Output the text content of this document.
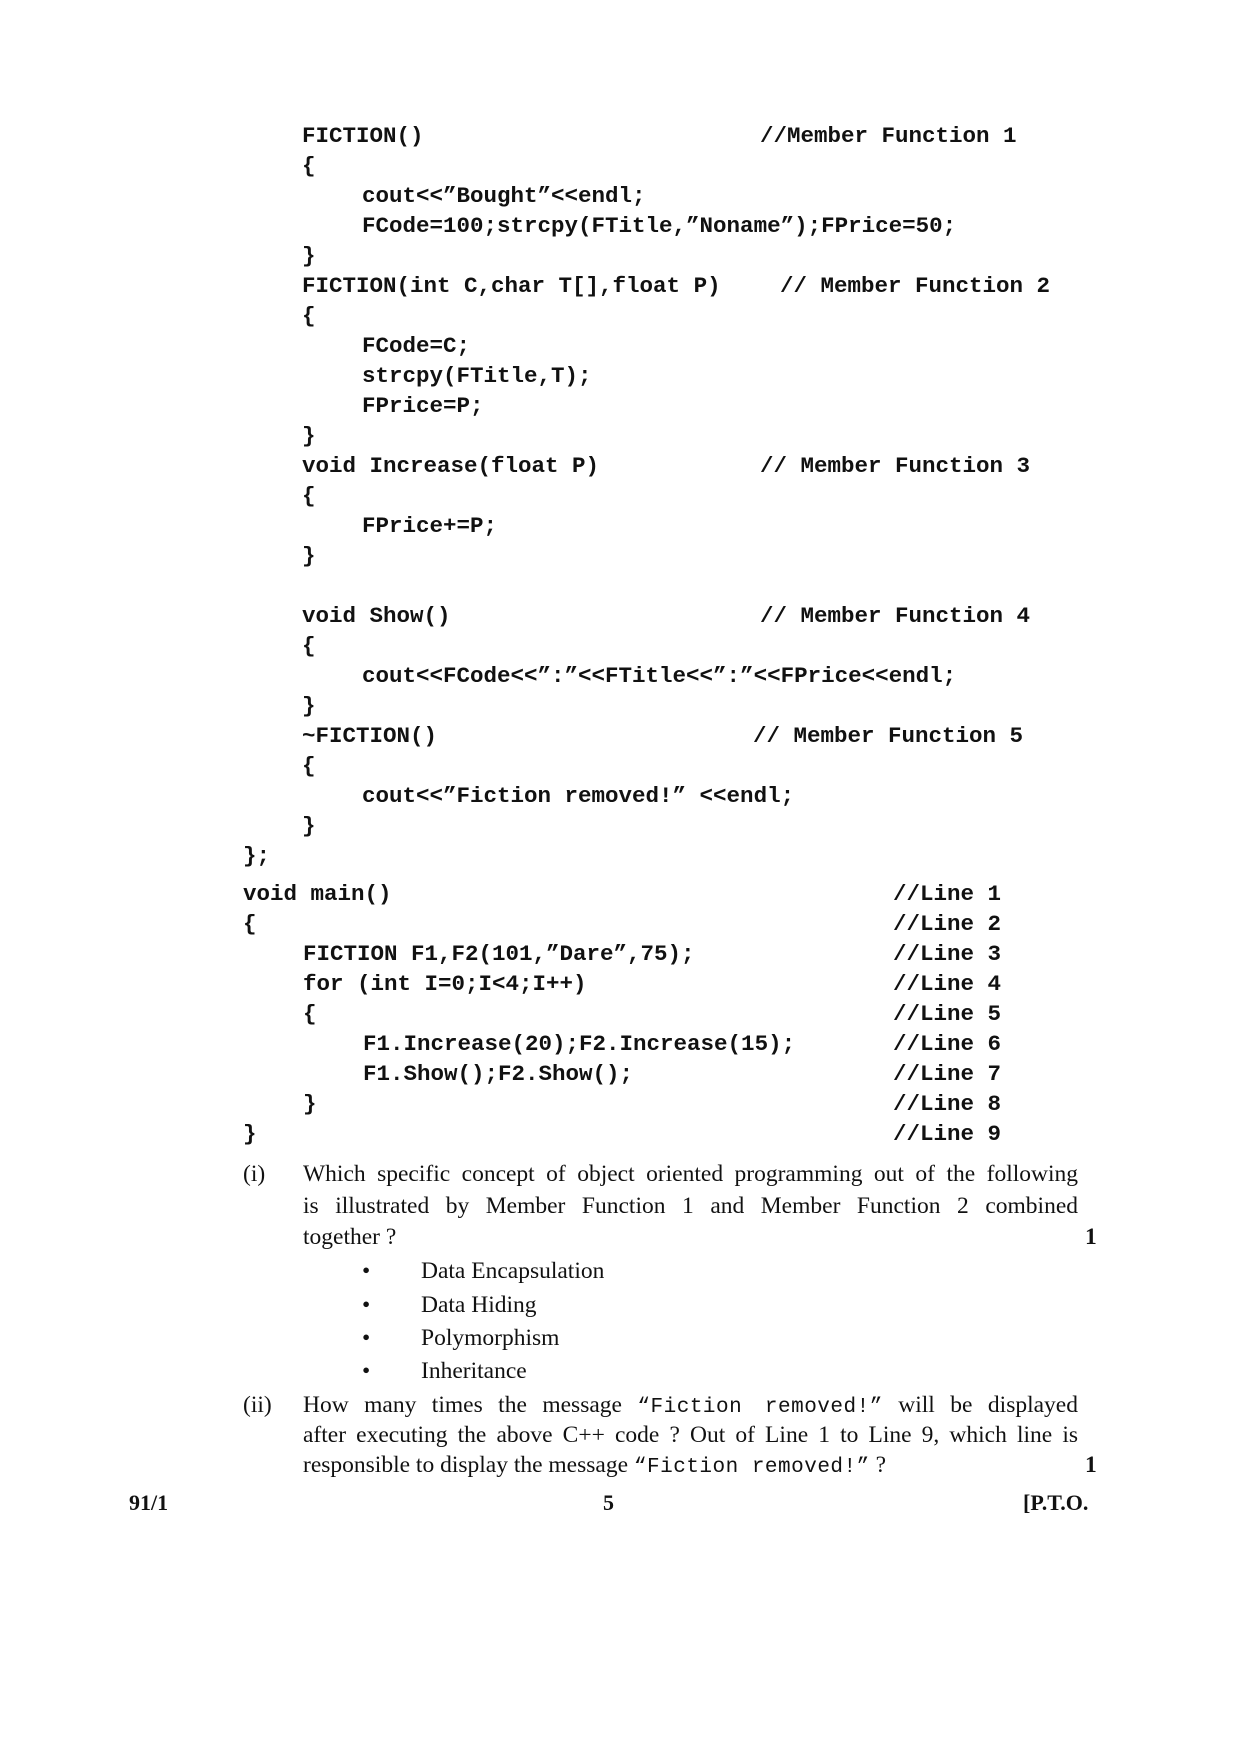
FICTION()	//Member Function 1
{
cout<<”Bought”<<endl;
FCode=100;strcpy(FTitle,”Noname”);FPrice=50;
}
FICTION(int C,char T[],float P)	// Member Function 2
{
FCode=C;
strcpy(FTitle,T);
FPrice=P;
}
void Increase(float P)	// Member Function 3
{
FPrice+=P;
}
void Show()	// Member Function 4
{
cout<<FCode<<”:”<<FTitle<<”:”<<FPrice<<endl;
}
~FICTION()	// Member Function 5
{
cout<<”Fiction removed!” <<endl;
}
};
void main()	//Line 1
{	//Line 2
FICTION F1,F2(101,”Dare”,75);	//Line 3
for (int I=0;I<4;I++)	//Line 4
{	//Line 5
F1.Increase(20);F2.Increase(15);	//Line 6
F1.Show();F2.Show();	//Line 7
}	//Line 8
}	//Line 9
(i) Which specific concept of object oriented programming out of the following
is illustrated by Member Function 1 and Member Function 2 combined
together ?	1
• Data Encapsulation
• Data Hiding
• Polymorphism
• Inheritance
(ii) How many times the message “Fiction removed!” will be displayed
after executing the above C++ code ? Out of Line 1 to Line 9, which line is
responsible to display the message “Fiction removed!” ?	1
91/1	5	[P.T.O.
